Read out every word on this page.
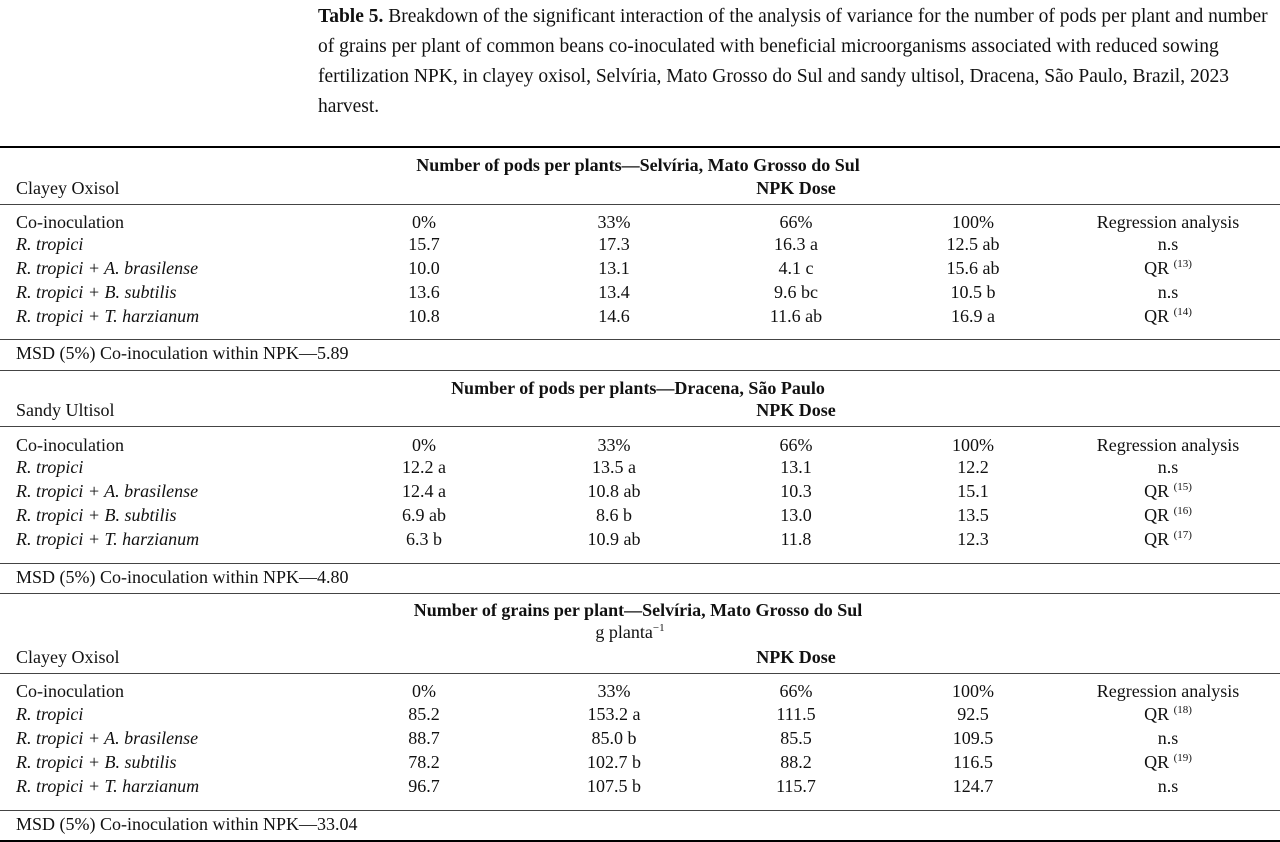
Table 5. Breakdown of the significant interaction of the analysis of variance for the number of pods per plant and number of grains per plant of common beans co-inoculated with beneficial microorganisms associated with reduced sowing fertilization NPK, in clayey oxisol, Selvíria, Mato Grosso do Sul and sandy ultisol, Dracena, São Paulo, Brazil, 2023 harvest.
Number of pods per plants—Selvíria, Mato Grosso do Sul
Clayey Oxisol	NPK Dose
Co-inoculation	0%	33%	66%	100%	Regression analysis
R. tropici	15.7	17.3	16.3 a	12.5 ab	n.s
R. tropici + A. brasilense	10.0	13.1	4.1 c	15.6 ab	QR $^{(13)}$
R. tropici + B. subtilis	13.6	13.4	9.6 bc	10.5 b	n.s
R. tropici + T. harzianum	10.8	14.6	11.6 ab	16.9 a	QR $^{(14)}$
MSD (5%) Co-inoculation within NPK—5.89
Number of pods per plants—Dracena, São Paulo
Sandy Ultisol	NPK Dose
Co-inoculation	0%	33%	66%	100%	Regression analysis
R. tropici	12.2 a	13.5 a	13.1	12.2	n.s
R. tropici + A. brasilense	12.4 a	10.8 ab	10.3	15.1	QR $^{(15)}$
R. tropici + B. subtilis	6.9 ab	8.6 b	13.0	13.5	QR $^{(16)}$
R. tropici + T. harzianum	6.3 b	10.9 ab	11.8	12.3	QR $^{(17)}$
MSD (5%) Co-inoculation within NPK—4.80
Number of grains per plant—Selvíria, Mato Grosso do Sul
g planta$^{-1}$
Clayey Oxisol	NPK Dose
Co-inoculation	0%	33%	66%	100%	Regression analysis
R. tropici	85.2	153.2 a	111.5	92.5	QR $^{(18)}$
R. tropici + A. brasilense	88.7	85.0 b	85.5	109.5	n.s
R. tropici + B. subtilis	78.2	102.7 b	88.2	116.5	QR $^{(19)}$
R. tropici + T. harzianum	96.7	107.5 b	115.7	124.7	n.s
MSD (5%) Co-inoculation within NPK—33.04
